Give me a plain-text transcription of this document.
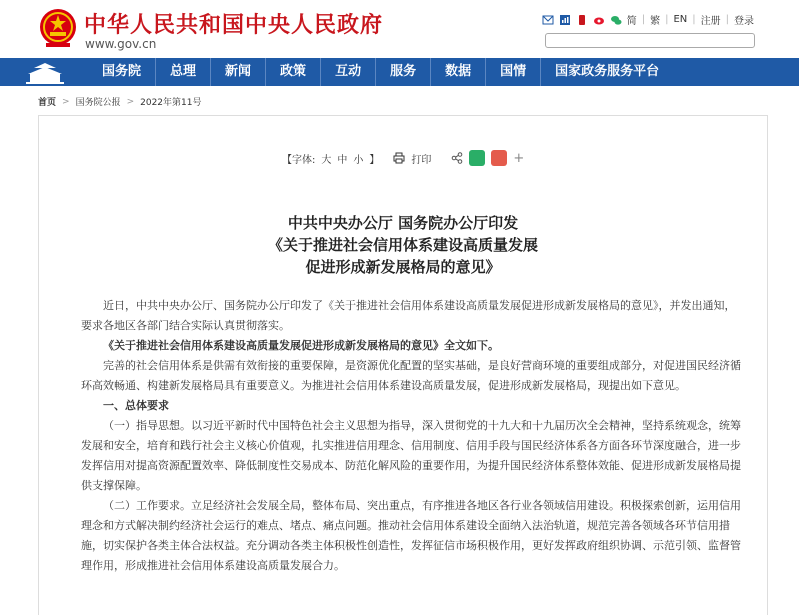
中华人民共和国中央人民政府
www.gov.cn
简 | 繁 | EN | 注册 | 登录
国务院	总理	新闻	政策	互动	服务	数据	国情	国家政务服务平台
首页 > 国务院公报 > 2022年第11号
【字体: 大 中 小 】	打印	+
中共中央办公厅 国务院办公厅印发
《关于推进社会信用体系建设高质量发展
促进形成新发展格局的意见》

近日，中共中央办公厅、国务院办公厅印发了《关于推进社会信用体系建设高质量发展促进形成新发展格局的意见》，并发出通知，要求各地区各部门结合实际认真贯彻落实。

《关于推进社会信用体系建设高质量发展促进形成新发展格局的意见》全文如下。

完善的社会信用体系是供需有效衔接的重要保障，是资源优化配置的坚实基础，是良好营商环境的重要组成部分，对促进国民经济循环高效畅通、构建新发展格局具有重要意义。为推进社会信用体系建设高质量发展，促进形成新发展格局，现提出如下意见。

一、总体要求

（一）指导思想。以习近平新时代中国特色社会主义思想为指导，深入贯彻党的十九大和十九届历次全会精神，坚持系统观念，统筹发展和安全，培育和践行社会主义核心价值观，扎实推进信用理念、信用制度、信用手段与国民经济体系各方面各环节深度融合，进一步发挥信用对提高资源配置效率、降低制度性交易成本、防范化解风险的重要作用，为提升国民经济体系整体效能、促进形成新发展格局提供支撑保障。

（二）工作要求。立足经济社会发展全局，整体布局、突出重点，有序推进各地区各行业各领域信用建设。积极探索创新，运用信用理念和方式解决制约经济社会运行的难点、堵点、痛点问题。推动社会信用体系建设全面纳入法治轨道，规范完善各领域各环节信用措施，切实保护各类主体合法权益。充分调动各类主体积极性创造性，发挥征信市场积极作用，更好发挥政府组织协调、示范引领、监督管理作用，形成推进社会信用体系建设高质量发展合力。
